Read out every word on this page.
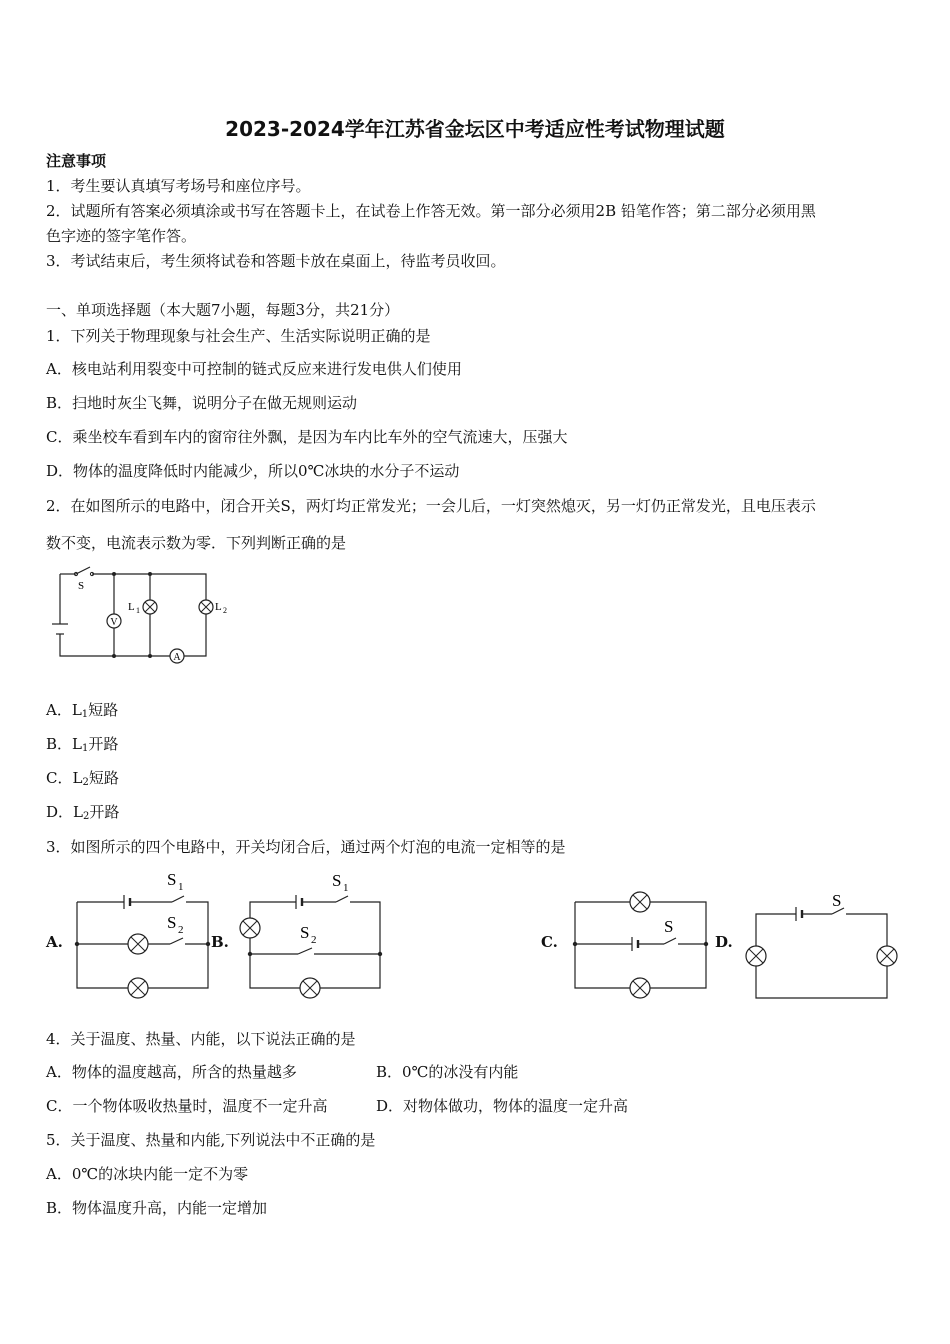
2023-2024学年江苏省金坛区中考适应性考试物理试题
注意事项
1．考生要认真填写考场号和座位序号。
2．试题所有答案必须填涂或书写在答题卡上，在试卷上作答无效。第一部分必须用2B 铅笔作答；第二部分必须用黑
色字迹的签字笔作答。
3．考试结束后，考生须将试卷和答题卡放在桌面上，待监考员收回。
一、单项选择题（本大题7小题，每题3分，共21分）
1．下列关于物理现象与社会生产、生活实际说明正确的是
A．核电站利用裂变中可控制的链式反应来进行发电供人们使用
B．扫地时灰尘飞舞，说明分子在做无规则运动
C．乘坐校车看到车内的窗帘往外飘，是因为车内比车外的空气流速大，压强大
D．物体的温度降低时内能减少，所以0℃冰块的水分子不运动
2．在如图所示的电路中，闭合开关S，两灯均正常发光；一会儿后，一灯突然熄灭，另一灯仍正常发光，且电压表示
数不变，电流表示数为零．下列判断正确的是
V
A
S
L 1	L 2
A．$L_1$短路
B．$L_1$开路
C．$L_2$短路
D．$L_2$开路
3．如图所示的四个电路中，开关均闭合后，通过两个灯泡的电流一定相等的是
A.
S 1
S 2
B.
S 1
S 2	C.
S
D.
S
4．关于温度、热量、内能，以下说法正确的是
A．物体的温度越高，所含的热量越多	B．0℃的冰没有内能
C．一个物体吸收热量时，温度不一定升高	D．对物体做功，物体的温度一定升高
5．关于温度、热量和内能,下列说法中不正确的是
A．0℃的冰块内能一定不为零
B．物体温度升高，内能一定增加
